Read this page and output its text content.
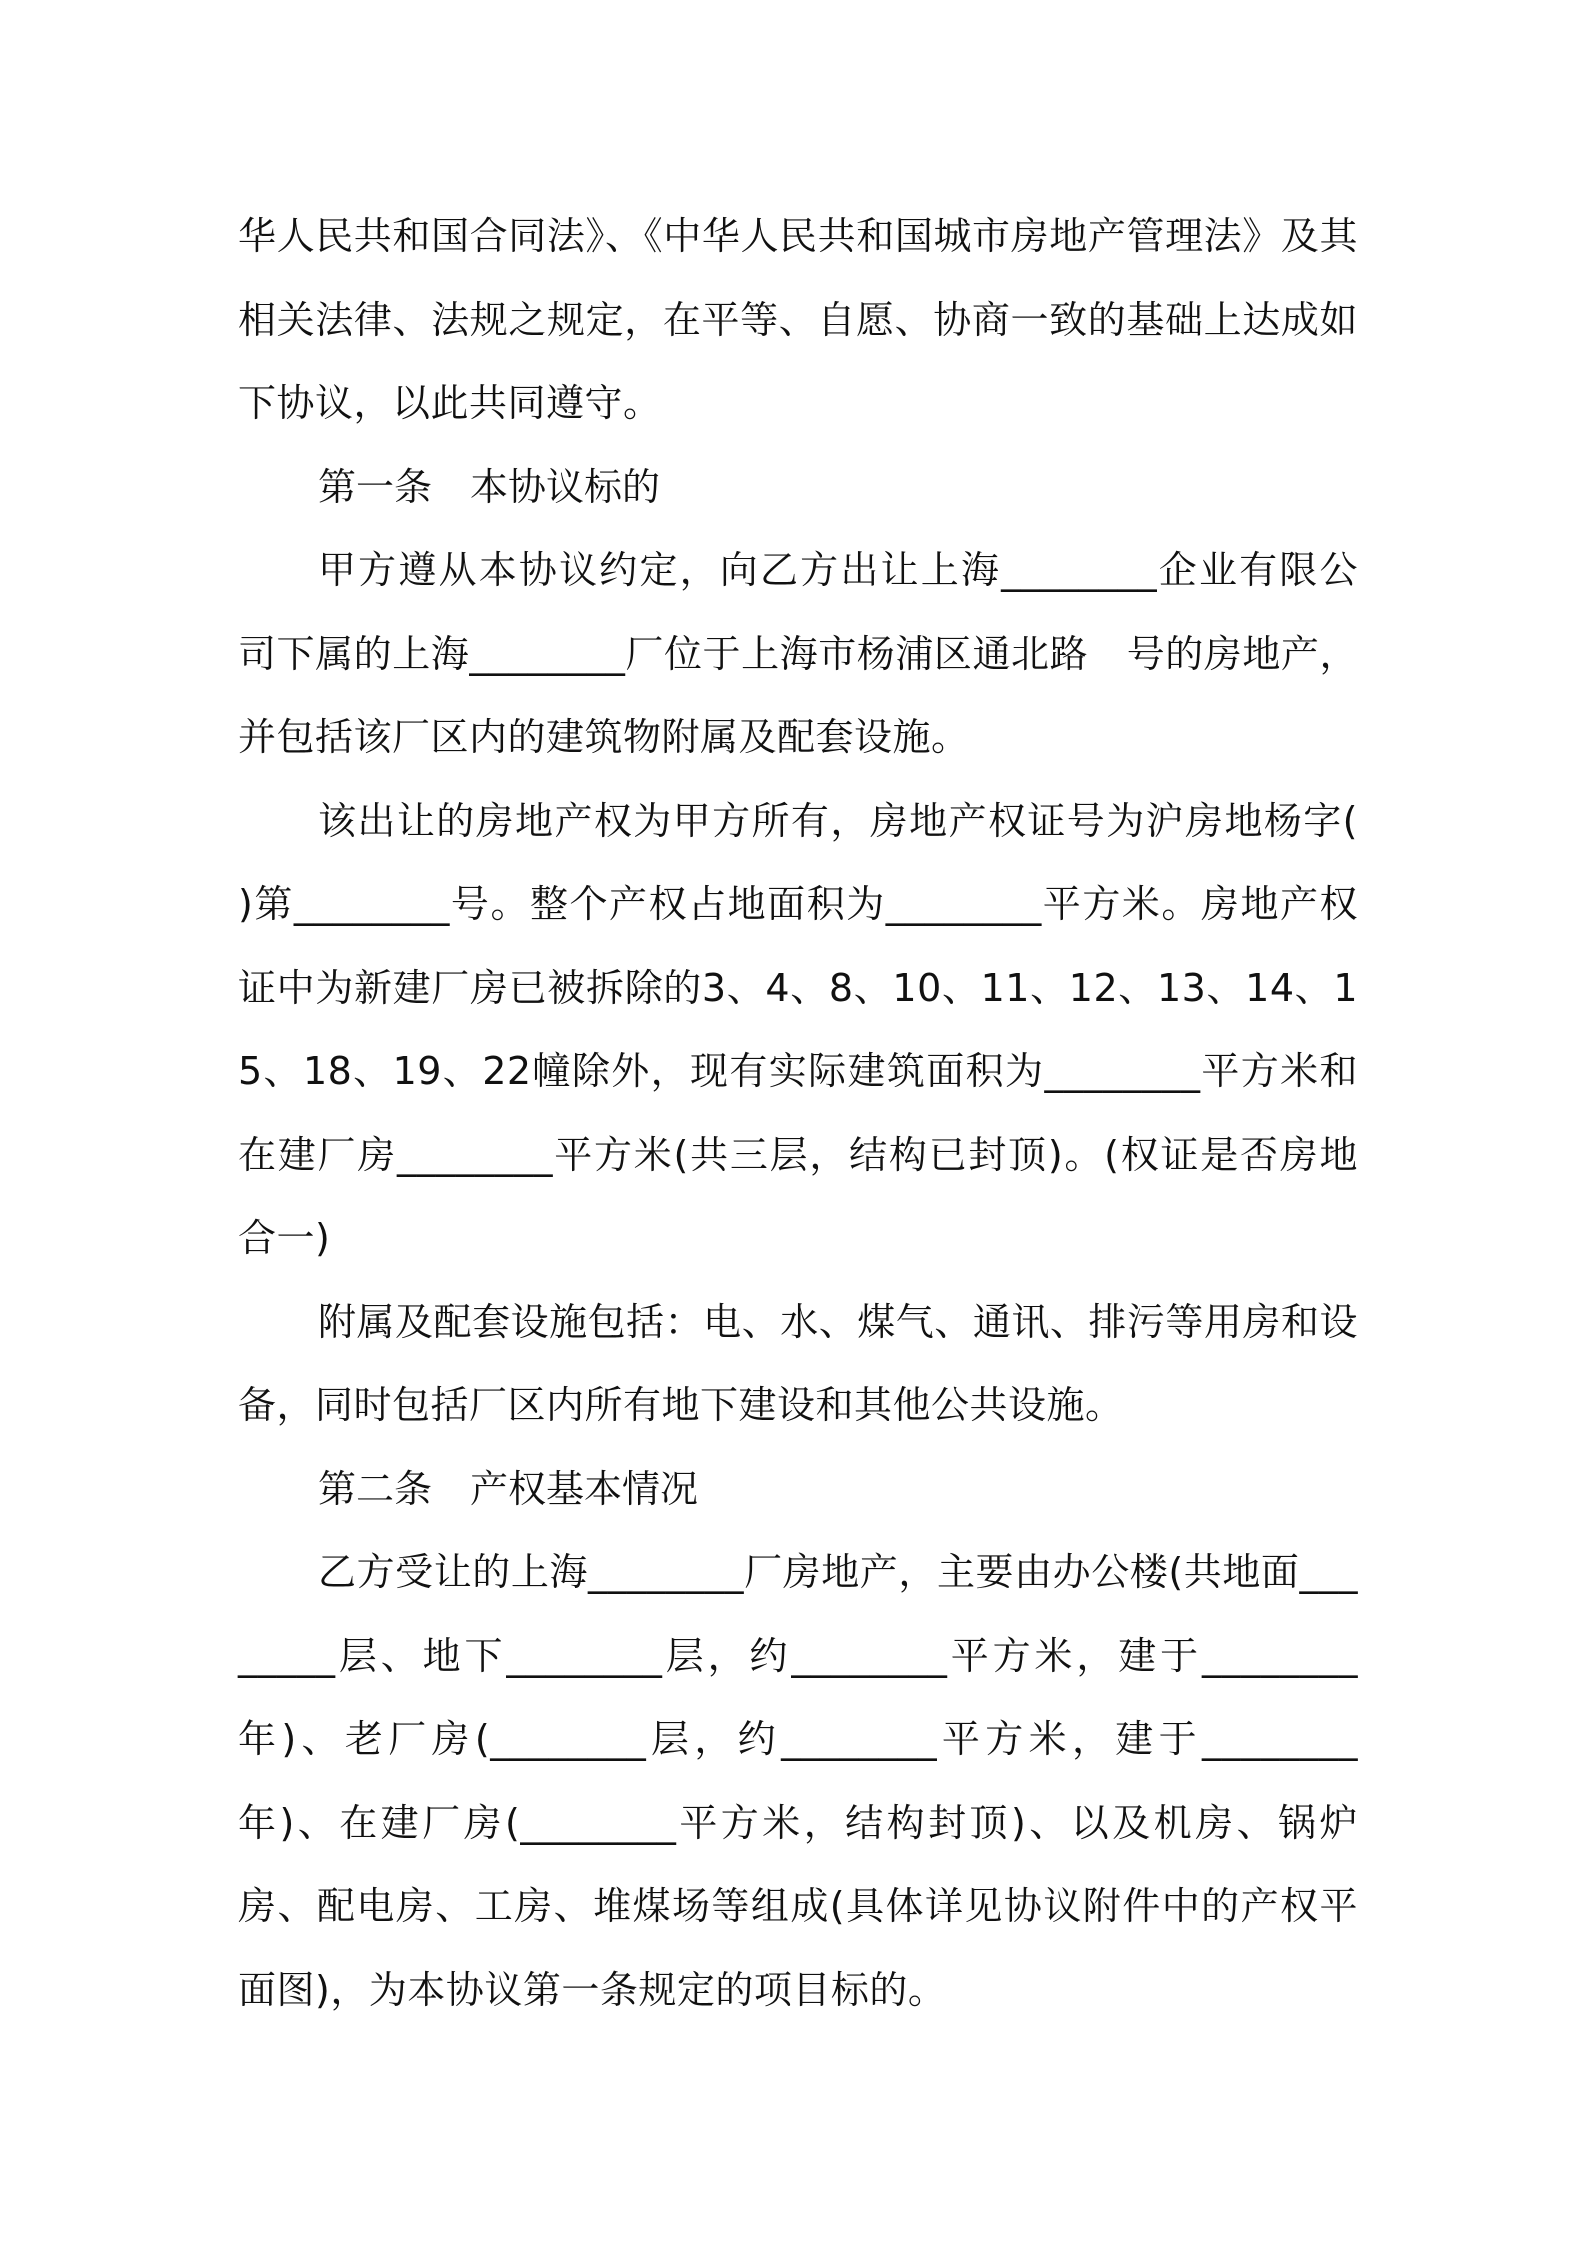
华人民共和国合同法》、《中华人民共和国城市房地产管理法》及其相关法律、法规之规定，在平等、自愿、协商一致的基础上达成如下协议，以此共同遵守。

第一条　本协议标的

甲方遵从本协议约定，向乙方出让上海________企业有限公司下属的上海________厂位于上海市杨浦区通北路　号的房地产，并包括该厂区内的建筑物附属及配套设施。

该出让的房地产权为甲方所有，房地产权证号为沪房地杨字(　　)第________号。整个产权占地面积为________平方米。房地产权证中为新建厂房已被拆除的3、4、8、10、11、12、13、14、15、18、19、22幢除外，现有实际建筑面积为________平方米和在建厂房________平方米(共三层，结构已封顶)。(权证是否房地合一)

附属及配套设施包括：电、水、煤气、通讯、排污等用房和设备，同时包括厂区内所有地下建设和其他公共设施。

第二条　产权基本情况

乙方受让的上海________厂房地产，主要由办公楼(共地面________层、地下________层，约________平方米，建于________年)、老厂房(________层，约________平方米，建于________ 年)、在建厂房(________平方米，结构封顶)、以及机房、锅炉房、配电房、工房、堆煤场等组成(具体详见协议附件中的产权平面图)，为本协议第一条规定的项目标的。
